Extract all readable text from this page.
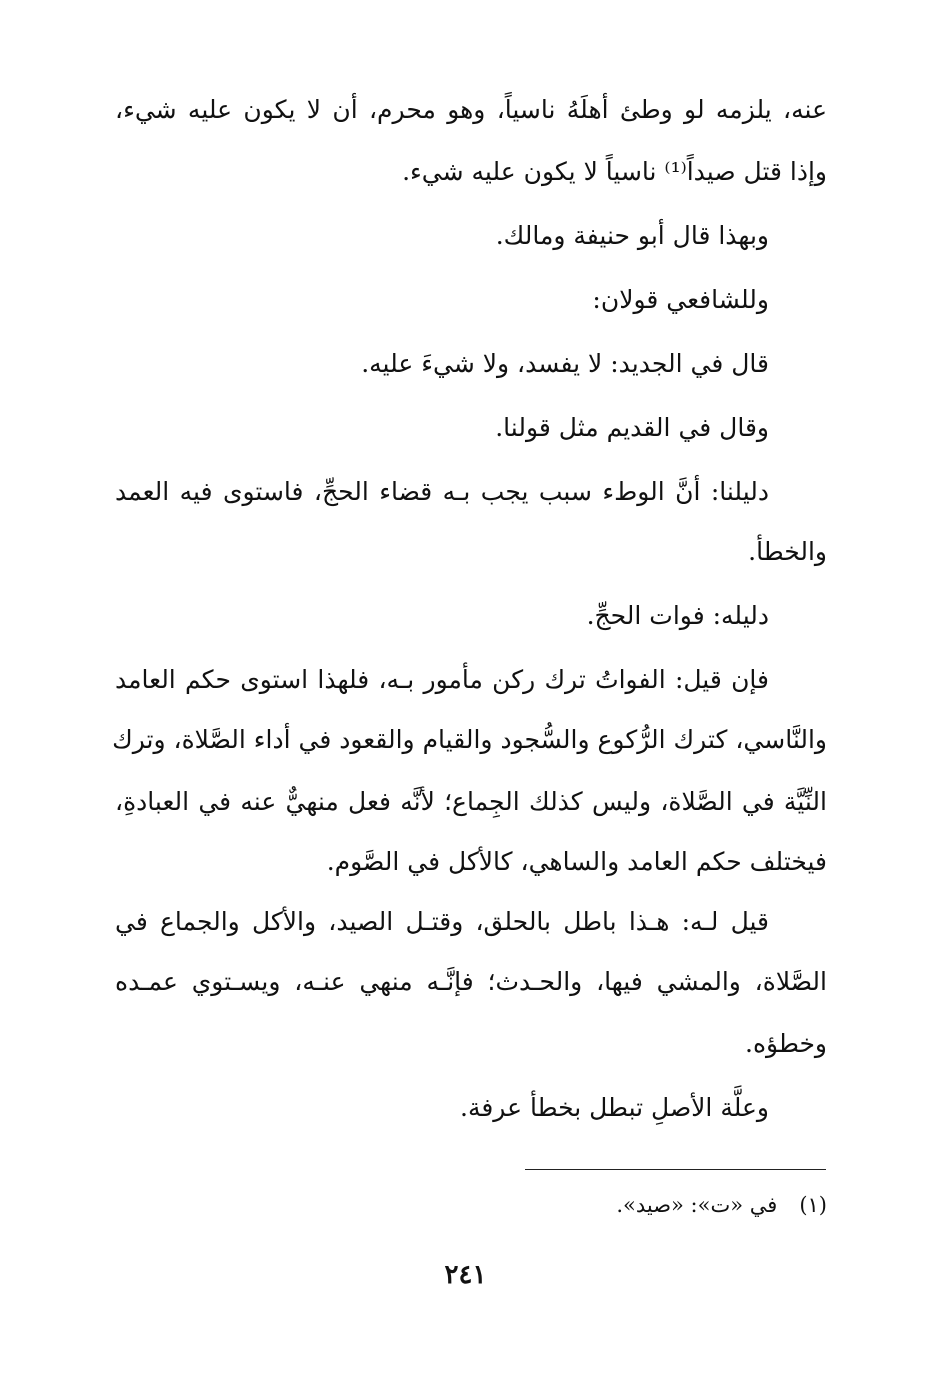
عنه، يلزمه لو وطئ أهلَهُ ناسياً، وهو محرم، أن لا يكون عليه شيء،
وإذا قتل صيداً⁽¹⁾ ناسياً لا يكون عليه شيء.
وبهذا قال أبو حنيفة ومالك.
وللشافعي قولان:
قال في الجديد: لا يفسد، ولا شيءَ عليه.
وقال في القديم مثل قولنا.
دليلنا: أنَّ الوطء سبب يجب بـه قضاء الحجِّ، فاستوى فيه العمد
والخطأ.
دليله: فوات الحجِّ.
فإن قيل: الفواتُ ترك ركن مأمور بـه، فلهذا استوى حكم العامد
والنَّاسي، كترك الرُّكوع والسُّجود والقيام والقعود في أداء الصَّلاة، وترك
النِّيَّة في الصَّلاة، وليس كذلك الجِماع؛ لأنَّه فعل منهيٌّ عنه في العبادةِ،
فيختلف حكم العامد والساهي، كالأكل في الصَّوم.
قيل لـه: هـذا باطل بالحلق، وقتـل الصيد، والأكل والجماع في
الصَّلاة، والمشي فيها، والحـدث؛ فإنَّـه منهي عنـه، ويسـتوي عمـده
وخطؤه.
وعلَّة الأصلِ تبطل بخطأ عرفة.
(١)في «ت»: «صيد».
٢٤١
